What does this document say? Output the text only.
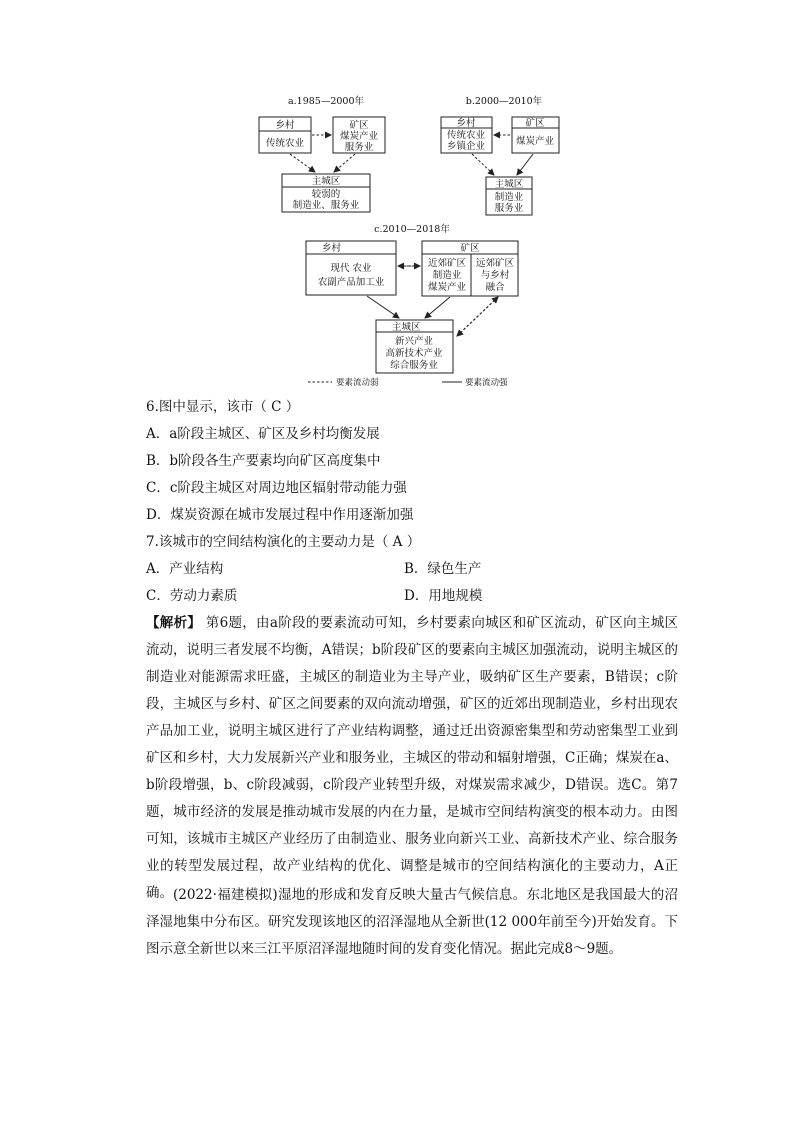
a.1985—2000年
乡村
传统农业
矿区
煤炭产业
服务业
主城区
较弱的
制造业、服务业
b.2000—2010年
乡村
传统农业
乡镇企业
矿区
煤炭产业
主城区
制造业
服务业
c.2010—2018年
乡村
现代 农业
农副产品加工业
矿区
近郊矿区
制造业
煤炭产业
远郊矿区
与乡村
融合
主城区
新兴产业
高新技术产业
综合服务业
要素流动弱	要素流动强
6.图中显示，该市（ C ）
A．a阶段主城区、矿区及乡村均衡发展
B．b阶段各生产要素均向矿区高度集中
C．c阶段主城区对周边地区辐射带动能力强
D．煤炭资源在城市发展过程中作用逐渐加强
7.该城市的空间结构演化的主要动力是（ A ）
A．产业结构	B．绿色生产
C．劳动力素质	D．用地规模

【解析】 第6题，由a阶段的要素流动可知，乡村要素向城区和矿区流动，矿区向主城区流动，说明三者发展不均衡，A错误；b阶段矿区的要素向主城区加强流动，说明主城区的制造业对能源需求旺盛，主城区的制造业为主导产业，吸纳矿区生产要素，B错误；c阶段，主城区与乡村、矿区之间要素的双向流动增强，矿区的近郊出现制造业，乡村出现农产品加工业，说明主城区进行了产业结构调整，通过迁出资源密集型和劳动密集型工业到矿区和乡村，大力发展新兴产业和服务业，主城区的带动和辐射增强，C正确；煤炭在a、b阶段增强，b、c阶段减弱，c阶段产业转型升级，对煤炭需求减少，D错误。选C。第7题，城市经济的发展是推动城市发展的内在力量，是城市空间结构演变的根本动力。由图可知，该城市主城区产业经历了由制造业、服务业向新兴工业、高新技术产业、综合服务业的转型发展过程，故产业结构的优化、调整是城市的空间结构演化的主要动力，A正确。 (2022·福建模拟)湿地的形成和发育反映大量古气候信息。东北地区是我国最大的沼泽湿地集中分布区。研究发现该地区的沼泽湿地从全新世(12 000年前至今)开始发育。下图示意全新世以来三江平原沼泽湿地随时间的发育变化情况。据此完成8～9题。
